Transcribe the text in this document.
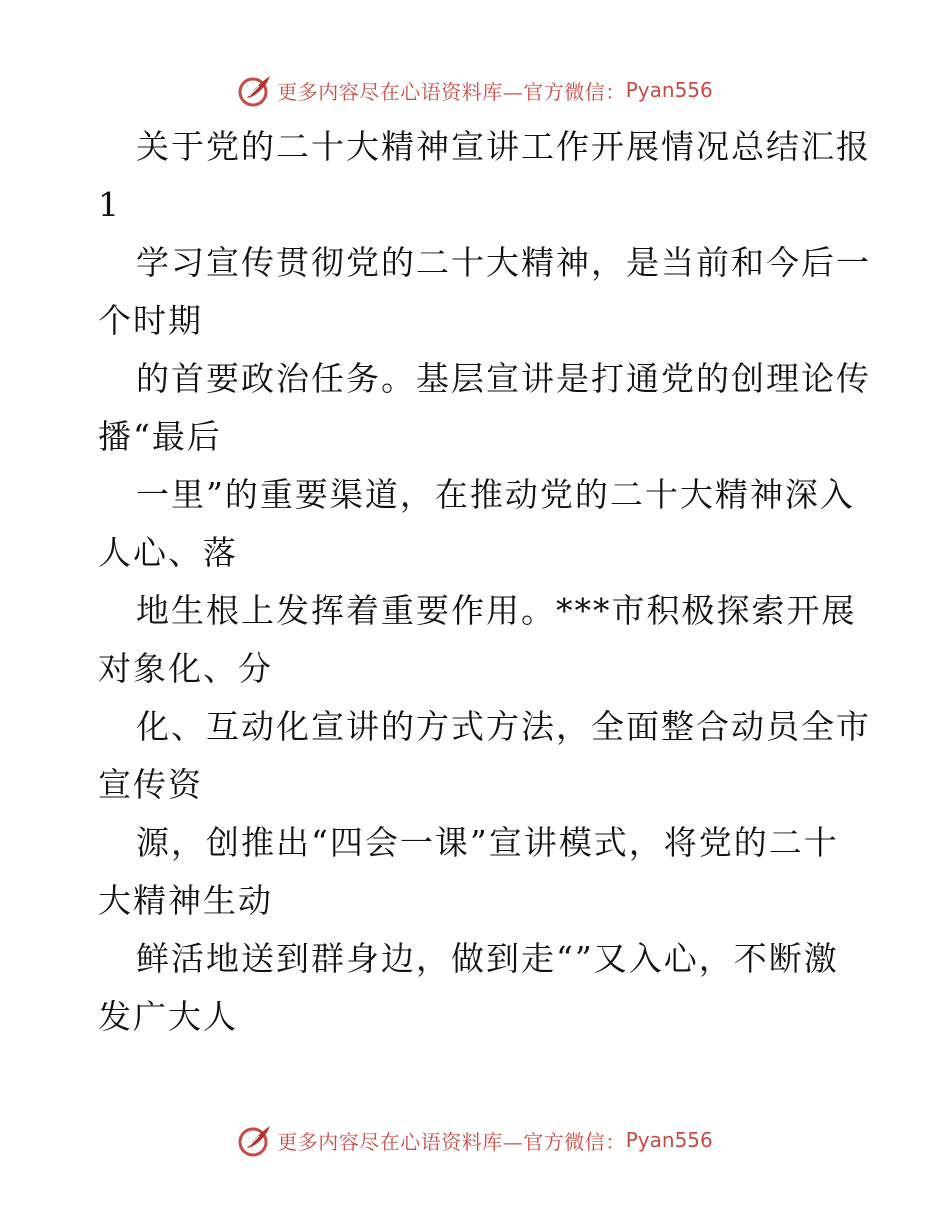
更多内容尽在心语资料库—官方微信： Pyan556
关于党的二十大精神宣讲工作开展情况总结汇报
1
学习宣传贯彻党的二十大精神，是当前和今后一
个时期
的首要政治任务。基层宣讲是打通党的创理论传
播“最后
一里”的重要渠道，在推动党的二十大精神深入
人心、落
地生根上发挥着重要作用。***市积极探索开展
对象化、分
化、互动化宣讲的方式方法，全面整合动员全市
宣传资
源，创推出“四会一课”宣讲模式，将党的二十
大精神生动
鲜活地送到群身边，做到走“”又入心，不断激
发广大人
更多内容尽在心语资料库—官方微信： Pyan556
